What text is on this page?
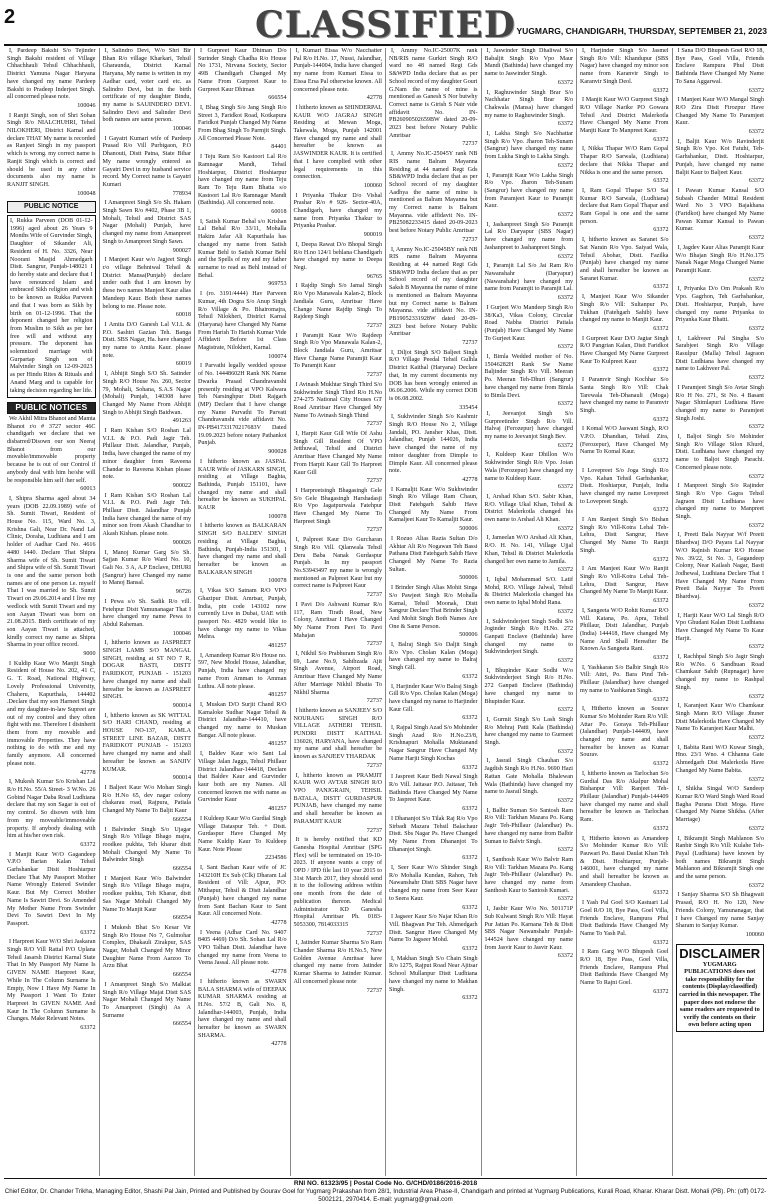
2	CLASSIFIED YUGMARG, CHANDIGARH, THURSDAY, SEPTEMBER 21, 2023

I, Pardeep Bakshi S/o Tejinder Singh Bakshi resident of Village Chhachhauli Tehsil Chhachhauli, District Yamuna Nagar Haryana have changed my name Pardeep Bakshi to Pradeep Inderjeet Singh. all concerned please note.

100046

I Ranjit Singh, son of Shri Sohan Singh R/o NIALCHUHRI, Tehsil NILOKHERI, District Karnal and declare THAT My name is recorded as Ranjeet Singh in my passport which is wrong. my correct name is Ranjit Singh which is correct and should be used in any other documents also my name is RANJIT SINGH.

100048
PUBLIC NOTICE
I, Rukka Parveen (DOB 01-12-1996) aged about 26 Years 9 Months Wife of Gurvinder Singh, Daughter of Sikander Ali, Resident of H. No. 3326, Near Noorani Masjid Ahmedgarh Distt. Sangrur, Punjab-148021 I do hereby state and declare that I have renounced Islam and embraced Sikh religion and wish to be known as Rukka Parveen and that I was born as Sikh by birth on 01-12-1996. That the deponent changed her religion from Muslim to Sikh as per her free will and without any pressure. The deponent has solemnized marriage with Gurpartap Singh son of Malvinder Singh on 12-09-2023 as per Hindu Rites & Rituals and Anand Marg and is capable for taking decision regarding her life.
PUBLIC NOTICES

We Akhil Mitra Bhanot and Mamta Bhanot r/o # 3727 sector 46C chandigarh we declare that we disbarred/Disown our son Neeraj Bhanot from our movable/immovable property because he is out of our Control if anybody deal with him he/she will be responsible him self /her self.

60013

I, Shipra Sharma aged about 34 years (DOB 22.09.1989) wife of Sh. Sumit Tiwari, Resident of House No. 115, Ward No. 3, Krishna Gali, Near Dr. Nand Lal Clinic, Doraha, Ludhiana and I am holder of Aadhar Card No. 4616 4480 1440. Declare That Shipra Sharma wife of Sh. Sumit Tiwari and Shipra wife of Sh. Sumit Tiwari is one and the same person both names are of one person i.e. myself That I was married to Sh. Sumit Tiwari on 29.06.2014 and I live my wedlock with Sumit Tiwari and my son Aayan Tiwari was born on 21.08.2015. Birth certificate of my son Aayan Tiwari is attached, kindly correct my name as Shipra Sharma in your office record.

9000

I Kuldip Kaur W/o Manjit Singh Resident of House No. 202, 41 C, G. T. Road, National Highway, Lovely Professional University, Chaheru, Kapurthala, 144402 .Declare that my son Harneet Singh and my daughter-in-law Supreet are out of my control and they often fight with me. Therefore I disinherit them from my movable and immovable Properties. They have nothing to do with me and my family anymore. All concerned please note.

42778

I, Mukesh Kumar S/o Krishan Lal R/o H.No. 55/A Street- 3 W.No. 26 Gobind Nagar Daba Road Ludhiana declare that my son Sagar is out of my control. So disown with him from my moveable/immoveable property. If anybody dealing with him at his/her own risk.

63372

I Manjit Kaur W/O Gagandeep V.P.O Barian Kalan Tehsil Garhshankar Distt Hoshiarpur Declare That My Passport Mother Name Wrongly Entered Swinder Kaur. But My Correct Mother Name Is Sawtri Devi. So Amended My Mother Name From Swinder Devi To Sawtri Devi In My Passport.

63372

I Harpreet Kaur W/O Shri Jaskaran Singh R/O Vill Rattal P/O Uplana Tehsil Jasarsh District Karnal State That In My Passport My Name Is GIVEN NAME Harpreet Kaur, While In The Column Surname Is Empty, Now I Have My Name In My Passport I Want To Enter Harpreet In GIVEN NAME And Kaur In The Column Surname Is Changes. Make Relevant Notes.

63372

I, Salindro Devi, W/o Shri Bir Bhan R/o village Kharkari, Tehsil Gharaunda, District Karnal Haryana, My name is written in my Aadhar card, voter card etc. as Salindro Devi, but in the birth certificate of my daughter Bindu, my name is SAUINDERO DEVI. Salindro Devi and Salinder Devi both names are same person.

100046

I Gayatri Kumari wife of Pardeep Prasad R/o Vill Purbigaon, P.O Dhanouti, Distt Patna, State Bihar My name wrongly entered as Gayatri Devi in my husband service record. My Correct name is Gayatri Kumari

778934

I Amanpreet Singh S/o Sh. Hakam Singh Sawn R/o #402, Phase 3B 1, Mohali, Tehsil and District SAS Nagar (Mohali) Punjab, have changed my name from Amanpreet Singh to Amanpreet Singh Sawn.

900027

I Manjeet Kaur w/o Jagjeet Singh r/o village Behniwal Tehsil & District Mansa(Punjab) declare under oath that I am known by these two names Manjeet Kaur alias Mandeep Kaur. Both these names belong to me. Please note.

60018

I Amita D/O Ganesh Lal V.I.L & P.O. Sashtri Gazian Teh. Banga Distt. SBS Nagar, Ha. have changed my name to Amita Kaur. please note.

60019

I, Abhijit Singh S/O Sh. Satinder Singh R/O House No. 260, Sector 79, Mohali, Sohana, S.A.S Nagar (Mohali) Punjab, 140308 have Changed My Name From Abhijit Singh to Abhijit Singh Baidwan.

491263

I Ram Kishan S/O Roshan Lal V.I.L & P.O. Padi Jagir Teh. Phillaur Distt. Jalandhar, Punjab, India, have changed the name of my minor daughter from Raveena Chandar to Raveena Kishan please note.

900022

I Ram Kishan S/O Roshan Lal V.I.L & P.O. Padi Jagir Teh. Phillaur Distt. Jalandhar Punjab India have changed the name of my minor son from Akash Chandhar to Akash Kishan. please note.

900026

I, Manoj Kumar Garg S/o Sh. Sajjan Kumar R/o Ward No. 10, Gali No. 3 A, A.P Enclave, DHURI (Sangrur) have Changed my name to Manoj Bansal.

96726

I Pewa s/o Sh. Sadik R/o vill. Fetehpur Distt Yamunanagar That I have changed my name Pewa to Abdul Raheman.

100046

I, hitherto known as JASPREET SINGH LAMB S/O MANGAL SINGH, residing at ST NO 7 R, DOGAR BASTI, DISTT FARIDKOT, PUNJAB - 151203 have changed my name and shall hereafter be known as JASPREET SINGH.

900014

I, hitherto known as SK WITTAL S/O HARI CHAND, residing at HOUSE NO-137, KAMLA STREET LINE BAZAR, DISTT FARIDKOT PUNJAB - 151203 have changed my name and shall hereafter be known as SANJIV KUMAR.

900014

I Baljeet Kaur W/o Mohan Singh R/o H.No 65, dev nagar colony chakarau road, Rajpura, Patiala Changed My Name To Baljit Kaur

666554

I Balvinder Singh S/o Ujagar Singh R/o Village Bhago majra, roodkee pukhta, Teh kharar distt Mohali Changed My Name To Balwinder Singh

666554

I Manjeet Kaur W/o Balwinder Singh R/o Village Bhago majra, roodkee pukhta, Teh Kharar, distt Sas Nagar Mohali Changed My Name To Manjit Kaur

666554

I Mukesh Bhat S/o Kesar Vir Singh R/o House No 7, Gulmohar Complex, Dhakauli Zirakpur, SAS Nagar, Mohali Changed My Minor Daughter Name From Aarzoo To Arzu Bhat

666554

I Amanpreet Singh S/o Malkiat Singh R/o Village Majat Distt SAS Nagar Mohali Changed My Name To Amanpreet (Singh) As A Surname

666554

I Gurpreet Kaur Dhiman D/o Surinder Singh Chadha R/o House No 1731, Nirvana Society, Sector 49B Chandigarh Changed My Name From Gurpreet Kaur to Gurpreet Kaur Dhiman

666554

I, Bhag Singh S/o Jang Singh R/o Street 3, Faridkot Road, Kotkapura Faridkot Punjab Changed My Name From Bhag Singh To Parmjit Singh. All Concerned Please Note.

84401

I Teju Ram S/o Kastoori Lal R/o Ramnagar Mandi, Tehsil Hoshiarpur, District Hoshiarpur have changed my name from Teju Ram To Teju Ram Bhatia s/o Kastoori Lal R/o Ramnagar Mandi (Bathinda). All concerned note.

60018

I, Satish Kumar Behal s/o Krishan Lal Behal R/o 33/11, Mohalla Hakim Jafar Ali Kapurthala has changed my name from Satish Kumar Behl to Satish Kumar Behl and the Spells of my and my father surname to read as Behl instead of Behal.

969753

I (ro. 3191/4444) Hav Parveen Kumar, 4th Dogra S/o Anup Singh R/o Village & Po. Bhairomajra, Tehsil Nilokheri, District Karnal (Haryana) have Changed My Name From Harish To Harish Kumar Vide Affidavit Before 1st Class Magistrate, Nilokheri, Karnal.

100074

I Parvathi legally wedded spouse of No. 14448602H Rank NK Name Dwarka Prasad Chandravanshi presently residing at VPO Kalwara Teh Narsinghpur Distt Rajgarh (MP) Declare that I have change my Name Parvathi To Parvati Chandravanshi vide affidavit No. IN-PB41733170217683V Dated 19.09.2023 before notary Pathankot Punjab.

900028

I hitherto known as JASPAL KAUR Wife of JASKARN SINGH, residing at Village Baghta, Bathinda, Punjab 151101, have changed my name and shall hereafter be known as SUKHPAL KAUR

100078

I hitherto known as BALKARAN SINGH S/O BALDEV SINGH residing at Village Baghta, Bathinda, Punjab-India 151301, I have changed my name and shall hereafter be known as BALKARAN SINGH

100078

I, Vikas S/O Satnam R/O VPO Ghazipur Distt. Amrtsar, Punjab, India, pin code 143102 now currently Live in Dubai, UAE with passport No. 4829 would like to have change my name to Vikas Mehra.

481257

I, Amandeep Kumar R/o House no. 597, New Model House, Jalandhar, Punjab, India have changed my name From Amman to Amman Luthra. All note please.

481257

I, Muskan D/O Surjit Chand R/O Kamaloke Sudhar Nagar Tehsil & District Jalandhar-144410, have changed my name to Muskan Bangar. All note please.

481257

I, Baldev Kaur w/o Sant Lal Village Jalan Jaggu, Tehsil Phillaur District Jalandhar-144418, Declare that Baldev Kaur and Gurvinder kaur both are my Names. All concerned known me with name as Gurvinder Kaur

481257

I Kuldeep Kaur W/o Gurdial Singh Village Dataspur Teh. + Distt. Gurdaspur Have Changed My Name Kuldip Kaur To Kuldeep Kaur. Note Please

2234586

I, Sant Bachan Kaur wife of JC 143210H Ex Sub (Clk) Dharam Lal Resident of Vill: Ajpur, PO: Mithapur, Tehsil & Distt Jalandhar (Punjab) have changed my name from Sant Bachan Kaur to Sant Kaur. All concerned Note.

42778

I Veena (Adhar Card No. 9407 8405 4469) D/o Sh. Sohan Lal R/o VPO Talhan Distt. Jalandhar have changed my name from Veena to Veena Jassal. All please note.

42778

I hitherto known as SWARN BALA SHARMA wife of DEEPAK KUMAR SHARMA residing at H.No. 57/2 B, Gali No. 8, Jalandhar-144003, Punjab, India have changed my name and shall hereafter be known as SWARN SHARMA.

42778

I, Kumari Eissa W/o Nacchatter Pal R/o H.No. 17, Nussi, Jalandhar, Punjab-144004, India have changed my name from Kumari Eissa to Eissa Ersa Pal otherwise known. All concerned please note.

42778

I hitherto known as SHINDERPAL KAUR W/O JAGRAJ SINGH Residing at Mewan Moga, Takewala, Moga, Punjab 142001 Have changed my name and shall hereafter be known as JASWINDER KAUR. It is certified that I have complied with other legal requirements in this connection.

100060

I Priyanka Thakur D/o Vishal Prashar R/o # 926- Sector-40A, Chandigarh, have changed my name from Priyanka Thakur to Priyanka Prashar.

900019

I, Deepa Rawat D/o Bhopal Singh R/o H.no 124/1 behlana Chandigarh have changed my name to Deepa Negi.

96765

I Rajdip Singh S/o Jamal Singh R/o Vpo Manawala Kalan-2, Block Jandiala Guru, Amritsar Have Change Name Rajdip Singh To Rajdeep Singh

72737

I Paramjit Kaur W/o Rajdeep Singh R/o Vpo Manawala Kalan-2, Block Jandiala Guru, Amritsar Have Change Name Paramjit Kaur To Paramjit Kaur

72737

I Avinash Mukhtar Singh Third S/o Sukhwinder Singh Third R/o H.No 274-275 National City Houses GT Road Amritsar Have Changed My Name To Avinash Singh Thind

72737

I, Harpit Kaur Gill Wife Of Ashu Singh Gill Resident Of VPO Jetthuwal, Tehsil and District Amritsar Have Changed My Name From Harpit Kaur Gill To Harpreet Kaur Gill

72737

I Harpreetsingh Bhagasingh Gele S/o Gele Bhagasingh Harshadasji R/o Vpo Jagatpurwala Fatehpur Have Changed My Name To Harpreet Singh

72737

I, Palpreet Kaur D/o Gurcharan Singh R/o Vill. Qilanwala Tehsil Dera Baba Nanak Gurdaspur Punjab. In my passport No.S3943497 my name is wrongly mentioned as Palpreet Kaur but my correct name is Palpreet Kaur

72737

I Pavi D/o Ashwani Kumar R/o 117, Ram Tirath Road, New Colony, Amritsar I Have Changed My Name From Pavi To Pavi Mahajan

72737

I, Nikhil S/o Prabhuram Singh R/o 69, Lane No.9, Sahibzada Ajit Singh Avenue, Airport Road, Amritsar Have Changed My Name After Marriage Nikhil Bhatia To Nikhil Sharma

72737

I hitherto known as SANJEEV S/O NOURANG SINGH R/O VILLAGE JATHERI TEHSIL PUNDRI DISTT KAITHAL 136026, HARYANA, have changed my name and shall hereafter be known as SANJEEV THARDAK

72737

I, hitherto known as PRAMJIT KAUR W/O AVTAR SINGH R/O VPO PANJGRAIN, TEHSIL BATALA, DISTT GURDASPUR PUNJAB, have changed my name and shall hereafter be known as PARAMJIT KAUR

72737

It is hereby notified that KD Ganesha Hospital Amritsar (SPG Flex) will be terminated on 19-10-2023. If anyone wants a copy of OPD / IPD file last 10 year 2015 to 31st March 2017, they should send it to the following address within one month from the date of publication thereon. Medical Administrator KD Ganesha Hospital Amritsar Ph. 0183-5053300, 7814033315

72737

I, Jatinder Kumar Sharma S/o Ram Chander Sharma R/o H.No.5, New Golden Avenue Amritsar have changed my name from Jatinder Kumar Sharma to Jatinder Kumar. All concerned please note

72737

I, Ammy No.IC-25007K rank NB/RIS name Gurkirt Singh R/O ward no 48 named Regt Gds S&WPD India declare that as per School record of my daughter Gouri G.Nam the name of mine is mentioned as Ganesh S Nor butwhy Correct name is Girish S Nair vide affidavit No. IN-PB26090502659BW dated 20-09-2023 best before Notary Public Amritsar

72737

I, Ammy No.IC-25045Y rank NB RIS name Balram Mayanna Residing at 44 named Regt Gds SB&WPD India declare that as per School record of my daughter Aadhya the name of mine is mentioned as Balram Mayanna but my Correct name is Balram Mayanna. vide affidavit No. IN-PB25082233415 dated 20-09-2023 best before Notary Public Amritsar

72737

I, Ammy No.IC-25045BY rank NB RIS name Balram Mayanna Residing at 44 named Regt Gds SB&WPD India declare that as per School record of my daughter Saksh B Mayanna the name of mine is mentioned as Balram Mayanna but my Correct name is Balram Mayanna. vide affidavit No. IN-PB19052331928W dated 20-09-2023 best before Notary Public Amritsar

72737

I, Diljot Singh S/O Baljeet Singh R/O Village Peedal Tehsil Gulhla District Kaithal (Haryana) Declare that, In my current documents my DOB has been wrongly entered as 06.06.2006. While my correct DOB is 06.08.2002.

335454

I, Sukhvinder Singh S/o Kashmir Singh R/O House No 2, Village Jandali, PO. Jansher Khas, Distt. Jalandhar, Punjab 144026, India have changed the name of my minor daughter from Dimple to Dimple Kaur. All concerned please note.

42778

I Kamaljit Kaur W/o Sukhwinder Singh R/o Village Ram Chaun, Distt Fatehgarh Sahib Have Changed My Name From Kamaljeet Kaur To Kamaljit Kaur.

500006

I Rozuo Alias Razia Sultan D/o Akhtar Ali R/o Nogawan Teh Bassi Pathana Distt Fatehgarh Sahib Have Changed My Name To Razia Sultan.

500006

I Brinder Singh Alias Mohit Singa S/o Pawjeet Singh R/o Mohalla Kamal, Tehsil Moonak, Distt Sangrur Declare That Brinder Singh And Mohit Singh Both Names Are One & Same Person.

500006

I, Balraj Singh S/o Daljit Singh R/o Vpo. Cholan Kalan (Moga) have changed my name to Balraj Singh Gill.

63372

I, Harjinder Kaur W/o Balraj Singh Gill R/o Vpo. Cholan Kalan (Moga) have changed my name to Harjinder Kaur Gill.

63372

I, Rajpal Singh Azad S/o Mohinder Singh Azad R/o H.No.23/8, Krishnapuri Mohalla Muktanand Nagar Sangrur Have Changed My Name Harjit Singh Kochas

63372

I Jaspreet Kaur Bedi Nawal Singh R/o Vill. Jaitasar P.O. Jaitasar, Teh Bathinda Have Changed My Name To Jaspreet Kaur.

63372

I Dhananjot S/o Tilak Raj R/o Vpo Sirbadi Mazara Tehsil Balachaur Distt. Sbs Nagar Ps. Have Changed My Name From Dhananjot To Dhananjot Singh.

63372

I, Seer Kaur W/o Shinder Singh R/o Mohalla Kundan, Rahon, Teh Nawanshahr Distt SBS Nagar have changed my name from Seer Kaur to Seera Kaur.

63372

I Jagseer Kaur S/o Najar Khan R/o Vill. Bhagwan Pur Teh. Ahmedgarh Distt. Sangrur Have Changed My Name To Jagseer Mohd.

63372

I, Makhan Singh S/o Chain Singh R/o 1275, Rajput Road Near Ajitsar School Mullanpur Distt Ludhiana have changed my name to Makhan Singh.

63372

I, Jaswinder Singh Dhaliwal S/o Babaljit Singh R/o Vpo Maur Mandi (Bathinda) have changed my name to Jaswinder Singh.

63372

I, Raghuwinder Singh Brar S/o Nachhatar Singh Brar R/o Chakwala (Mansa) have changed my name to Raghuwinder Singh.

63372

I, Lakha Singh S/o Nachhattar Singh R/o Vpo. Jharon Teh-Sunam (Sangrur) have changed my name from Lukha Singh to Lakha Singh.

63372

I, Paramjit Kaur W/o Lakha Singh R/o Vpo. Jharon Teh-Sunam (Sangrur) have changed my name from Paramjeet Kaur to Paramjit Kaur.

63372

I, Jashanpreet Singh S/o Paramjit Lal R/o Daryapur (SBS Nagar) have changed my name from Jashanpreet to Jashanpreet Singh.

63372

I, Paramjit Lal S/o Jai Ram R/o Nawanshahr (Daryapur) (Nawanshahr) have changed my name from Paramjit to Paramjit Lal.

63372

I Gurjeet W/o Mandeep Singh R/o 38/Ka3, Vikas Colony, Circular Road Nabha District Patiala (Punjab) Have Changed My Name To Gurjeet Kaur.

63372

I, Bimla Wedded mother of No. 15046282H Rank Sw Name Baljinder Singh R/o Vill. Meeran Po. Meeran Teh-Dhuri (Sangrur) have changed my name from Bimla to Bimla Devi.

63372

I, Jeevanjot Singh S/o Gurpreetinder Singh R/o Vill. Halvaj (Ferozepur) have changed my name to Jeevanjot Singh Bev.

63372

I, Kuldeep Kaur Dhillon W/o Sukhwinder Singh R/o Vpo. Joian Wala (Ferozepur) have changed my name to Kuldeep Kaur.

63372

I, Arshad Khan S/O. Sabir Khan, R/O. Village Ukal Khan, Tehsil & District Malerkotla changed his own name to Arshad Ali Khan.

63372

I, Jameelan W/O Arshad Ali Khan, R/O. H. No. 141, Village Ujjal Khan, Tehsil & District Malerkotla changed her own name to Jamila.

63372

I, Iqbal Mohammad S/O. Latif Mohd, R/O. Village Jalwal, Tehsil & District Malerkotla changed his own name to Iqbal Mohd Rana.

63372

I, Sukhvinderjeet Singh Sodhi S/o Joginder Singh R/o H.No. 272 Ganpati Enclave (Bathinda) have changed my name to Sukhvinderjeet Singh.

63372

I, Bhupinder Kaur Sodhi W/o Sukhvinderjeet Singh R/o H.No. 272 Ganpati Enclave (Bathinda) have changed my name to Bhupinder Kaur.

63372

I, Gurmit Singh S/o Lash Singh R/o Mehraj Patti Kala (Bathinda) have changed my name to Gurmeet Singh.

63372

I, Jasrail Singh Chauhan S/o Jagdish Singh R/o H.No. 9690 Hazi Rattan Gate Mohalla Bhalewan Wala (Bathinda) have changed my name to Jasrail Singh.

63372

I, Balbir Suman S/o Santosh Ram R/o Vill: Tarkhan Mazara Po. Kang Jagir Teh-Phillaur (Jalandhar) Ps. have changed my name from Balbir Suman to Balvir Singh.

63372

I, Santhosh Kaur W/o Balvir Ram R/o Vill: Tarkhan Mazara Po. Kang Jagir Teh-Phillaur (Jalandhar) Ps. have changed my name from Santhosh Kaur to Santosh Kumari.

63372

I, Jasbir Kaur W/o No. 501171P Sub Kulwant Singh R/o Vill: Hayat Pur Jattan Po. Karnana Teh & Distt SBS Nagar Nawanshahr Punjab-144524 have changed my name from Jasvir Kaur to Jasvir Kaur.

63372

I, Harjinder Singh S/o Jasmel Singh R/o Vill: Khandupur (SBS Nagar) have changed my minor son name from Karanvir Singh to Karanvir Singh Deol.

63372

I Manjit Kaur W/O Gurpreet Singh R/O Village Narike PO Gowara Tehsil And District Malerkotla Have Changed My Name From Manjit Kaur To Manpreet Kaur.

63372

I, Nikka Thapar W/O Ram Gopal Thapar R/O Sarwala, (Ludhiana) declare that Nikka Thapar and Nikka is one and the same person.

63372

I, Ram Gopal Thapar S/O Sai Kumar R/O Sarwala, (Ludhiana) declare that Ram Gopal Thapar and Ram Gopal is one and the same person.

63372

I, hitherto known as Saranet S/o Sat Narain R/o Vpo. Saiyad Wala, Tehsil Abohar, Distt. Fazilka (Punjab) have changed my name and shall hereafter be known as Saranet Kumar.

63372

I, Manjeet Kaur W/o Sikander Singh R/o Vill: Sultanpur Po. Tukhan (Fatehgarh Sahib) have changed my name to Manjit Kaur.

63372

I Gurpreet Kaur D/O Jagtar Singh R/O Pangrian Kalan, Distt Faridkot Have Changed My Name Gurpreet Kaur To Kulpreet Kaur

63372

I Paramvir Singh Kochhar S/o Santa Singh R/o Vill: Chak Tarewala Teh-Dhanauli (Moga) have changed my name to Paramvir Singh.

63372

I Komal W/O Jaswant Singh, R/O V.P.O. Dhandian, Tehsil Zira, (Ferozepur), Have Changed My Name To Komal Kaur.

63372

I Lovepreet S/o Joga Singh R/o Vpo. Kahan Tehsil Garhshankar, Distt. Hoshiarpur, Punjab, India have changed my name Lovepreet to Lovepreet Singh.

63372

I Am Ranjeet Singh S/o Bishan Singh R/o Vill-Kotra Lehal Teh-Lehra, Distt Sangrur, Have Changed My Name To Ranjit Singh.

63372

I Am Manjeet Kaur W/o Ranjit Singh R/o Vill-Kotra Lehal Teh-Lehra, Distt Sangrur, Have Changed My Name To Manjit Kaur.

63372

I, Sangeeta W/O Rohit Kumar R/O Vill. Katana, Po. Apra, Tehsil Phillaur, Distt Jalandhar, Punjab (India) 144418, Have changed My Name And Shall Hereafter Be Known As Sangeeta Rani.

63372

I, Yashkaran S/o Balbir Singh R/o Vill: Attri, Po. Bara Pind Teh-Phillaur (Jalandhar) have changed my name to Yashkaran Singh.

63372

I, Hitherto known as Sourav Kumar S/o Mohinder Ram R/o Vill: Attar Po. Goraya Teh-Phillaur (Jalandhar) Punjab-144409, have changed my name and shall hereafter be known as Kumar Sourav.

63372

I, hitherto known as Tarlochan S/o Gurdial Das R/o Akalpur Mohal Bishanpur Vill: Ranjeet Teh-Phillaur (Jalandhar) Punjab-144409 have changed my name and shall hereafter be known as Tarlochan Ram.

63372

I, Hitherto known as Amandeep S/o Mohinder Kumar R/o Vill: Pauwari Po. Bassi Daulat Khan Teh & Distt. Hoshiarpur, Punjab-146001, have changed my name and shall hereafter be known as Amandeep Chauhan.

63372

I Yash Pal Goel S/O Kastuari Lal Goel R/O 18, Bye Pass, Goel Villa, Friends Enclave, Rampura Phul Distt Bathinda Have Changed My Name To Yash Pal.

63372

I Ram Garg W/O Bhupesh Goel R/O 18, Bye Pass, Goel Villa, Friends Enclave, Rampura Phul Distt Bathinda Have Changed My Name To Rajni Goel.

63372

I Sana D/O Bhupesh Goel R/O 18, Bye Pass, Goel Villa, Friends Enclave Rampura Phul Distt Bathinda Have Changed My Name To Sana Aggarwal.

63372

I Manjeet Kaur W/O Mangal Singh R/O Zira Distt Firozpur Have Changed My Name To Paramjeet Kaur.

63372

I, Baljit Kaur W/o Ravinderjit Singh R/o Vpo. Kot Fatuhi, Teh-Garhshankar, Distt. Hoshiarpur, Punjab, have changed my name Baljit Kaur to Baljeet Kaur.

63372

I Pawan Kumar Kansal S/O Subash Chander Mittal Resident Ward No 3 VPO Bajakhana (Faridkot) have changed My Name Pawan Kumar Kansal to Pawan Kumar.

63372

I, Jagdev Kaur Alias Paramjit Kaur W/o Bhajan Singh R/o H.No.175 Nanak Nagar Moga Changed Name Paramjit Kaur.

63372

I, Priyanka D/o Om Prakash R/o Vpo. Gagrhon, Teh Garhshankar, Distt. Hoshiarpur, Punjab, have changed my name Priyanka to Priyanka Kaur Bhatti.

63372

I, Lakhveer Pal Singha S/o Sarabjeet Singh R/o Village Rasulpur (Malla) Tehsil Jagraon Distt Ludhiana have changed my name to Lakhveer Pal.

63372

I Paramjeet Singh S/o Avtar Singh R/o H No. 271, St No. 4 Basant Nagar Shimlapuri Ludhiana Have changed my name to Paramjeet Singh Joshi.

63372

I, Baljot Singh S/o Mohinder Singh R/o Village Silon Khurd, Distt. Ludhiana have changed my name to Baljot Singh Parachi. Concerned please note.

63372

I Manpreet Singh S/o Rajinder Singh R/o Vpo Gagra Tehsil Jagraon Distt Ludhiana have changed my name to Manpreet Singh.

63372

I, Preeti Bala Nayyar W/f Preeti Bhardwaj D/O Payara Lal Nayyar W/O Rajnish Kumar R/O House No. 39/22, St No. 3, Gagandeep Colony, Near Kailash Nagar, Basti Jodhewal, Ludhiana Declare That I Have Changed My Name From Preeti Bala Nayyar To Preeti Bhardwaj.

63372

I, Harjit Kaur W/O Lal Singh R/O Vpo Ghudani Kalan Distt Ludhiana Have Changed My Name To Kaur Harjit.

63372

I, Rachhpal Singh S/o Jagir Singh R/o W.No. 6 Sandhuan Road Chamkaur Sahib (Rupnagar) have changed my name to Rashpal Singh.

63372

I, Karanjeet Kaur W/o Chamkaur Singh Mann R/O Village Jhuner Distt Malerkotla Have Changed My Name To Karanjeet Kaur Malhi.

63372

I, Babita Rani W/O Kuwar Singh, Hno. 23/1 Wno. 4 Chhanna Gate Ahmedgarh Dist Malerkotla Have Changed My Name Babita.

63372

I, Shikha Singal W/O Sandeep Kumar R/O Ward Singh Ward Road Bagha Purana Distt Moga. Have Changed My Name Shikha. (After Marriage)

63372

I, Bikramjit Singh Mahlanon S/o Ranbir Singh R/o Vill: Kulahe Teh-Payal (Ludhiana) have known by both names Bikramjit Singh Mahlanon and Bikramjit Singh one and the same person.

63372

I Sanjay Sharma S/O Sh Bhagwati Prasad, R/O H. No 120, New Friends Colony, Yamunanagar, that I have Changed my name Sanjay Sharam to Sanjay Kumar.

100060
DISCLAIMER
YUGMARG PUBLICATIONS does not take responsibility for the contents (Display/classified) carried in this newspaper. The paper does not endorse the same readers are requested to verify the contents on their own before acting upon
RNI NO. 61323/95 | Postal Code No. G/CHD/0186/2016-2018
Chief Editor, Dr. Chander Trikha, Managing Editor, Shashi Pal Jain, Printed and Published by Gourav Goel for Yugmarg Prakashan from 28/1, Industrial Area Phase-II, Chandigarh and printed at Yugmarg Publications, Kurali Road, Kharar. Kharar Distt. Mohali (PB). Ph: (off) 0172-5002121, 2970414. E-mail: yugmarg@gmail.com
